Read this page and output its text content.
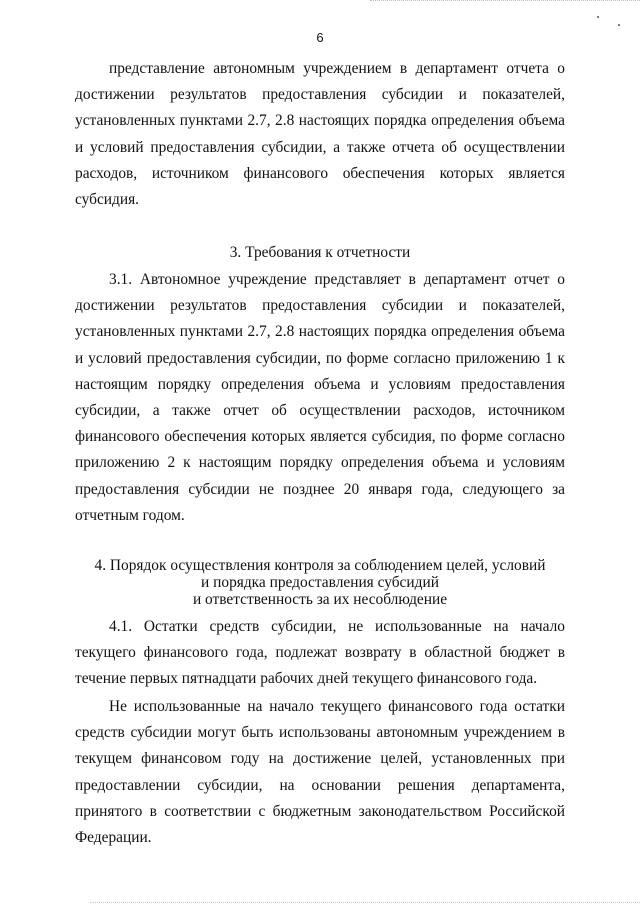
6

представление автономным учреждением в департамент отчета о достижении результатов предоставления субсидии и показателей, установленных пунктами 2.7, 2.8 настоящих порядка определения объема и условий предоставления субсидии, а также отчета об осуществлении расходов, источником финансового обеспечения которых является субсидия.

3. Требования к отчетности

3.1. Автономное учреждение представляет в департамент отчет о достижении результатов предоставления субсидии и показателей, установленных пунктами 2.7, 2.8 настоящих порядка определения объема и условий предоставления субсидии, по форме согласно приложению 1 к настоящим порядку определения объема и условиям предоставления субсидии, а также отчет об осуществлении расходов, источником финансового обеспечения которых является субсидия, по форме согласно приложению 2 к настоящим порядку определения объема и условиям предоставления субсидии не позднее 20 января года, следующего за отчетным годом.

4. Порядок осуществления контроля за соблюдением целей, условий
и порядка предоставления субсидий
и ответственность за их несоблюдение

4.1. Остатки средств субсидии, не использованные на начало текущего финансового года, подлежат возврату в областной бюджет в течение первых пятнадцати рабочих дней текущего финансового года.

Не использованные на начало текущего финансового года остатки средств субсидии могут быть использованы автономным учреждением в текущем финансовом году на достижение целей, установленных при предоставлении субсидии, на основании решения департамента, принятого в соответствии с бюджетным законодательством Российской Федерации.
